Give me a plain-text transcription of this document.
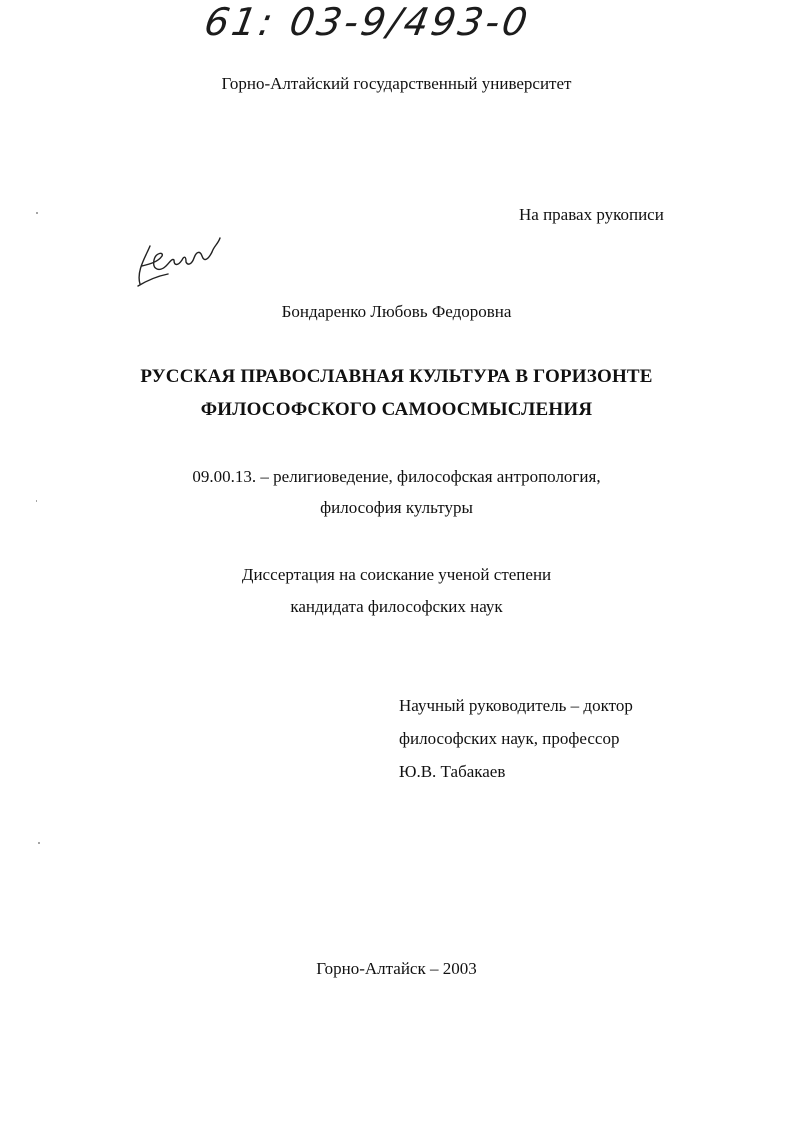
61: 03-9/493-0
Горно-Алтайский государственный университет
На правах рукописи
Бондаренко Любовь Федоровна
РУССКАЯ ПРАВОСЛАВНАЯ КУЛЬТУРА В ГОРИЗОНТЕ
ФИЛОСОФСКОГО САМООСМЫСЛЕНИЯ
09.00.13. – религиоведение, философская антропология,
философия культуры
Диссертация на соискание ученой степени
кандидата философских наук
Научный руководитель – доктор
философских наук, профессор
Ю.В. Табакаев
Горно-Алтайск – 2003
